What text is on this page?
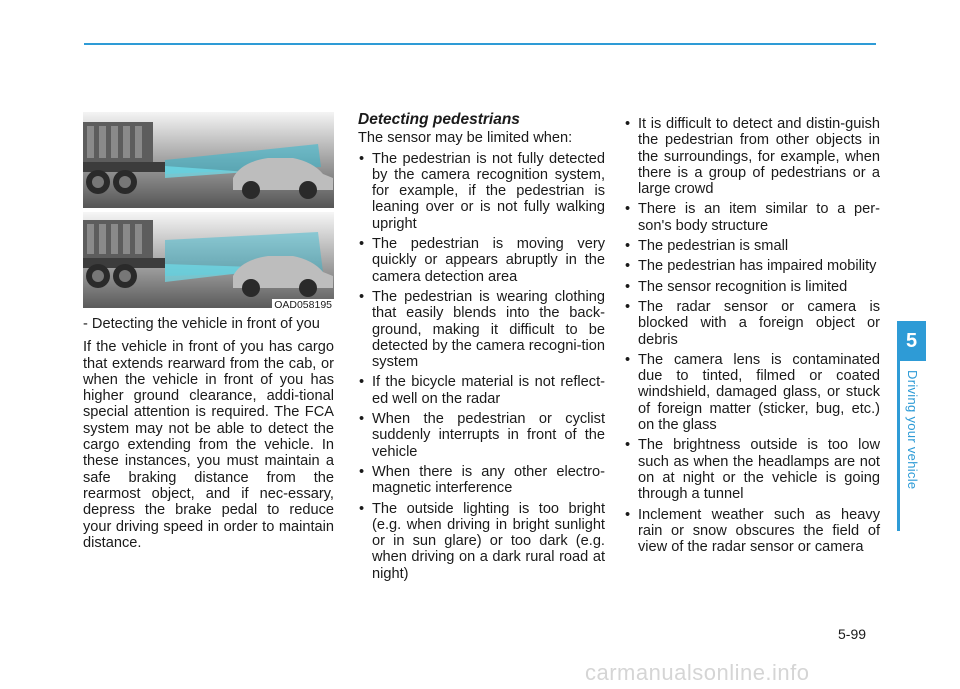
OAD058195

- Detecting the vehicle in front of you

If the vehicle in front of you has cargo that extends rearward from the cab, or when the vehicle in front of you has higher ground clearance, addi-tional special attention is required. The FCA system may not be able to detect the cargo extending from the vehicle. In these instances, you must maintain a safe braking distance from the rearmost object, and if nec-essary, depress the brake pedal to reduce your driving speed in order to maintain distance.

Detecting pedestrians

The sensor may be limited when:

• The pedestrian is not fully detected by the camera recognition system, for example, if the pedestrian is leaning over or is not fully walking upright
• The pedestrian is moving very quickly or appears abruptly in the camera detection area
• The pedestrian is wearing clothing that easily blends into the back-ground, making it difficult to be detected by the camera recogni-tion system
• If the bicycle material is not reflect-ed well on the radar
• When the pedestrian or cyclist suddenly interrupts in front of the vehicle
• When there is any other electro-magnetic interference
• The outside lighting is too bright (e.g. when driving in bright sunlight or in sun glare) or too dark (e.g. when driving on a dark rural road at night)
• It is difficult to detect and distin-guish the pedestrian from other objects in the surroundings, for example, when there is a group of pedestrians or a large crowd
• There is an item similar to a per-son's body structure
• The pedestrian is small
• The pedestrian has impaired mobility
• The sensor recognition is limited
• The radar sensor or camera is blocked with a foreign object or debris
• The camera lens is contaminated due to tinted, filmed or coated windshield, damaged glass, or stuck of foreign matter (sticker, bug, etc.) on the glass
• The brightness outside is too low such as when the headlamps are not on at night or the vehicle is going through a tunnel
• Inclement weather such as heavy rain or snow obscures the field of view of the radar sensor or camera
5
Driving your vehicle
5-99
carmanualsonline.info
